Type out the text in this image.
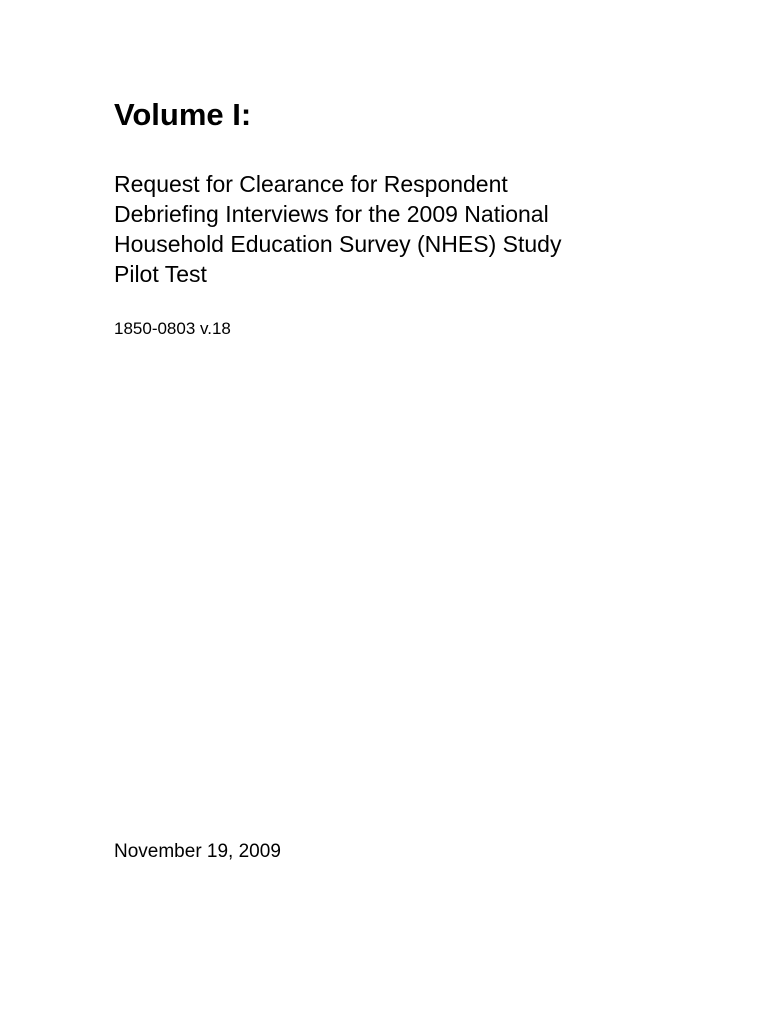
Volume I:
Request for Clearance for Respondent
Debriefing Interviews for the 2009 National
Household Education Survey (NHES) Study
Pilot Test

1850-0803 v.18

November 19, 2009
